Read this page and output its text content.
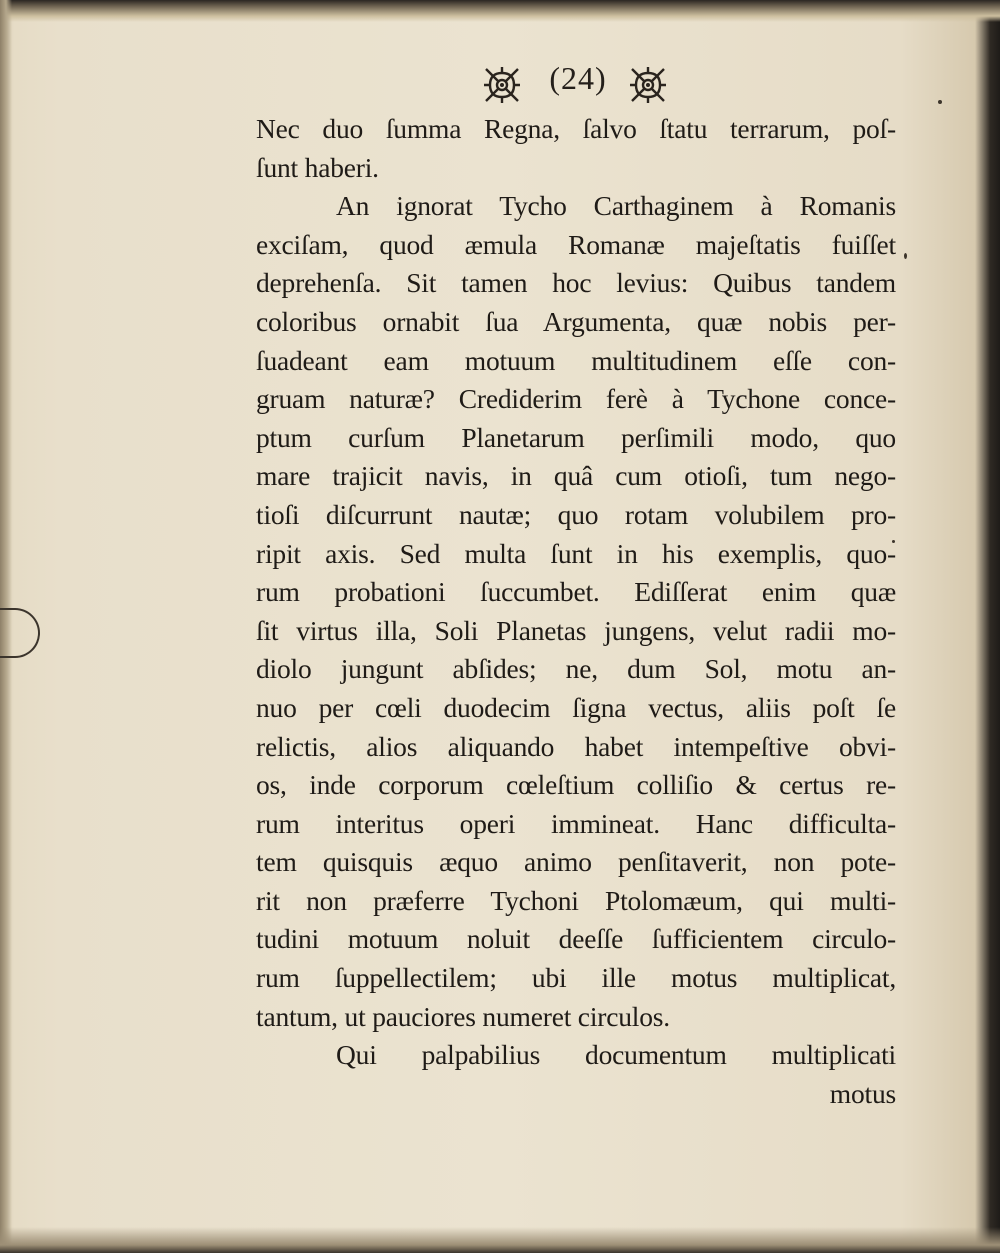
(24)
Nec duo ſumma Regna, ſalvo ſtatu terrarum, poſ-
ſunt haberi.
An ignorat Tycho Carthaginem à Romanis
exciſam, quod æmula Romanæ majeſtatis fuiſſet
deprehenſa. Sit tamen hoc levius: Quibus tandem
coloribus ornabit ſua Argumenta, quæ nobis per-
ſuadeant eam motuum multitudinem eſſe con-
gruam naturæ? Crediderim ferè à Tychone conce-
ptum curſum Planetarum perſimili modo, quo
mare trajicit navis, in quâ cum otioſi, tum nego-
tioſi diſcurrunt nautæ; quo rotam volubilem pro-
ripit axis. Sed multa ſunt in his exemplis, quo-
rum probationi ſuccumbet. Ediſſerat enim quæ
ſit virtus illa, Soli Planetas jungens, velut radii mo-
diolo jungunt abſides; ne, dum Sol, motu an-
nuo per cœli duodecim ſigna vectus, aliis poſt ſe
relictis, alios aliquando habet intempeſtive obvi-
os, inde corporum cœleſtium colliſio & certus re-
rum interitus operi immineat. Hanc difficulta-
tem quisquis æquo animo penſitaverit, non pote-
rit non præferre Tychoni Ptolomæum, qui multi-
tudini motuum noluit deeſſe ſufficientem circulo-
rum ſuppellectilem; ubi ille motus multiplicat,
tantum, ut pauciores numeret circulos.
Qui palpabilius documentum multiplicati
motus
